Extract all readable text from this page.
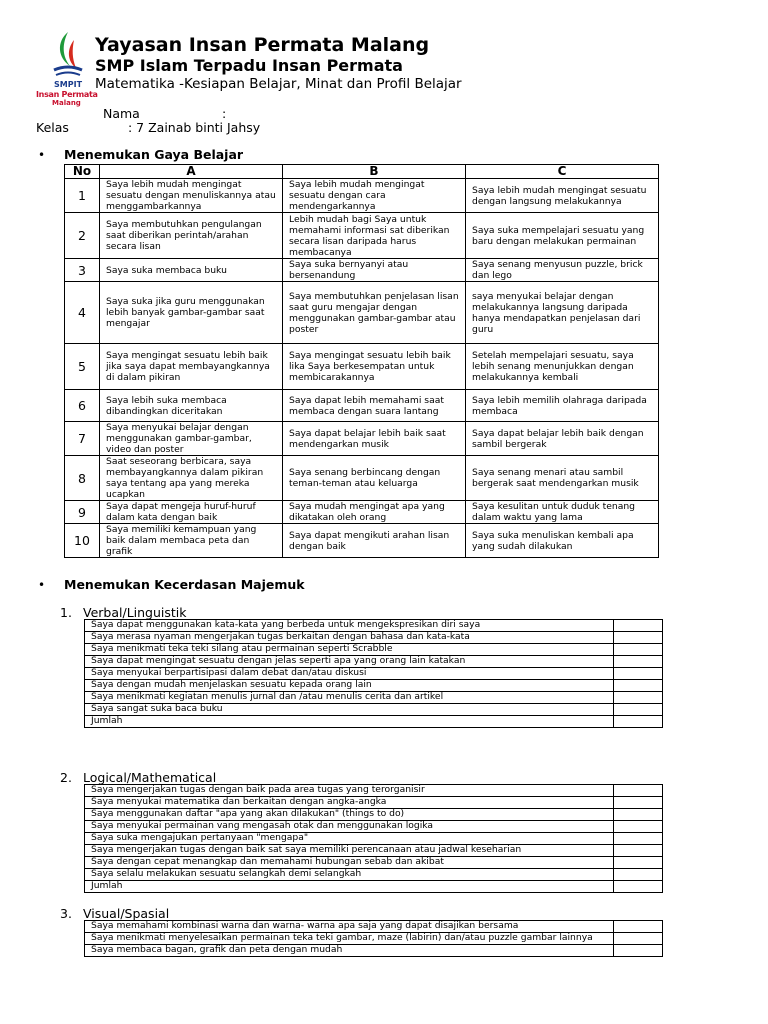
SMPIT
Insan Permata
Malang
Yayasan Insan Permata Malang
SMP Islam Terpadu Insan Permata
Matematika -Kesiapan Belajar, Minat dan Profil Belajar
Nama	:
Kelas	: 7 Zainab binti Jahsy
• Menemukan Gaya Belajar
No	A	B	C
1	Saya lebih mudah mengingat sesuatu dengan menuliskannya atau menggambarkannya	Saya lebih mudah mengingat sesuatu dengan cara mendengarkannya	Saya lebih mudah mengingat sesuatu dengan langsung melakukannya
2	Saya membutuhkan pengulangan saat diberikan perintah/arahan secara lisan	Lebih mudah bagi Saya untuk memahami informasi sat diberikan secara lisan daripada harus membacanya	Saya suka mempelajari sesuatu yang baru dengan melakukan permainan
3	Saya suka membaca buku	Saya suka bernyanyi atau bersenandung	Saya senang menyusun puzzle, brick dan lego
4	Saya suka jika guru menggunakan lebih banyak gambar-gambar saat mengajar	Saya membutuhkan penjelasan lisan saat guru mengajar dengan menggunakan gambar-gambar atau poster	saya menyukai belajar dengan melakukannya langsung daripada hanya mendapatkan penjelasan dari guru
5	Saya mengingat sesuatu lebih baik jika saya dapat membayangkannya di dalam pikiran	Saya mengingat sesuatu lebih baik lika Saya berkesempatan untuk membicarakannya	Setelah mempelajari sesuatu, saya lebih senang menunjukkan dengan melakukannya kembali
6	Saya lebih suka membaca dibandingkan diceritakan	Saya dapat lebih memahami saat membaca dengan suara lantang	Saya lebih memilih olahraga daripada membaca
7	Saya menyukai belajar dengan menggunakan gambar-gambar, video dan poster	Saya dapat belajar lebih baik saat mendengarkan musik	Saya dapat belajar lebih baik dengan sambil bergerak
8	Saat seseorang berbicara, saya membayangkannya dalam pikiran saya tentang apa yang mereka ucapkan	Saya senang berbincang dengan teman-teman atau keluarga	Saya senang menari atau sambil bergerak saat mendengarkan musik
9	Saya dapat mengeja huruf-huruf dalam kata dengan baik	Saya mudah mengingat apa yang dikatakan oleh orang	Saya kesulitan untuk duduk tenang dalam waktu yang lama
10	Saya memiliki kemampuan yang baik dalam membaca peta dan grafik	Saya dapat mengikuti arahan lisan dengan baik	Saya suka menuliskan kembali apa yang sudah dilakukan
• Menemukan Kecerdasan Majemuk
1. Verbal/Linguistik
Saya dapat menggunakan kata-kata yang berbeda untuk mengekspresikan diri saya	
Saya merasa nyaman mengerjakan tugas berkaitan dengan bahasa dan kata-kata	
Saya menikmati teka teki silang atau permainan seperti Scrabble	
Saya dapat mengingat sesuatu dengan jelas seperti apa yang orang lain katakan	
Saya menyukai berpartisipasi dalam debat dan/atau diskusi	
Saya dengan mudah menjelaskan sesuatu kepada orang lain	
Saya menikmati kegiatan menulis jurnal dan /atau menulis cerita dan artikel	
Saya sangat suka baca buku	
Jumlah	
2. Logical/Mathematical
Saya mengerjakan tugas dengan baik pada area tugas yang terorganisir	
Saya menyukai matematika dan berkaitan dengan angka-angka	
Saya menggunakan daftar "apa yang akan dilakukan" (things to do)	
Saya menyukai permainan vang mengasah otak dan menggunakan logika	
Saya suka mengajukan pertanyaan "mengapa"	
Saya mengerjakan tugas dengan baik sat saya memiliki perencanaan atau jadwal keseharian	
Saya dengan cepat menangkap dan memahami hubungan sebab dan akibat	
Saya selalu melakukan sesuatu selangkah demi selangkah	
Jumlah	
3. Visual/Spasial
Saya memahami kombinasi warna dan warna- warna apa saja yang dapat disajikan bersama	
Saya menikmati menyelesaikan permainan teka teki gambar, maze (labirin) dan/atau puzzle gambar lainnya	
Saya membaca bagan, grafik dan peta dengan mudah	
